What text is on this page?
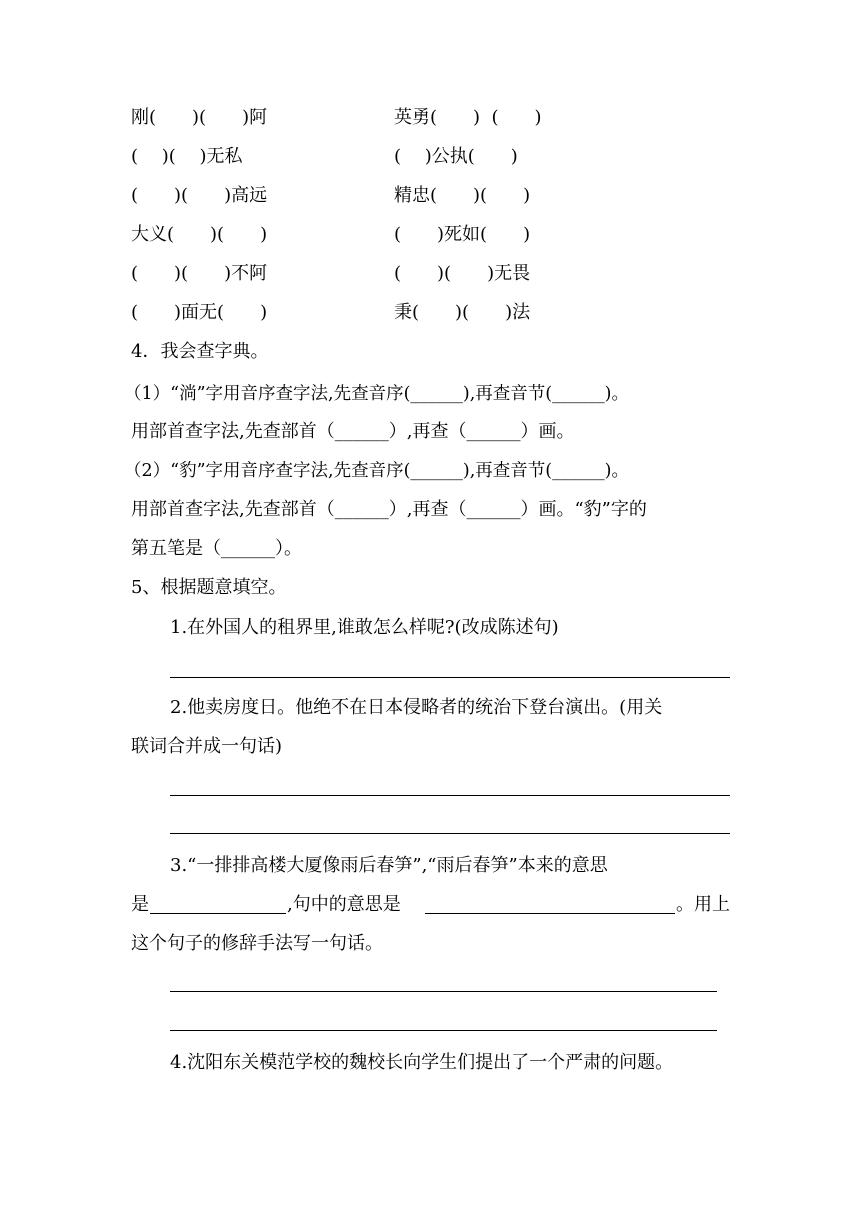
刚(　　)(　　)阿
(　 )(　 )无私
(　　)(　　)高远
大义(　　)(　　)
(　　)(　　)不阿
(　　)面无(　　)
英勇(　　)  (　　)
(　 )公执(　　)
精忠(　　)(　　)
(　　)死如(　　)
(　　)(　　)无畏
秉(　　)(　　)法
4．我会查字典。
（1）“淌”字用音序查字法,先查音序(______),再查音节(______)。
用部首查字法,先查部首（______）,再查（______）画。
（2）“豹”字用音序查字法,先查音序(______),再查音节(______)。
用部首查字法,先查部首（______）,再查（______）画。“豹”字的
第五笔是（______）。
5、根据题意填空。
1.在外国人的租界里,谁敢怎么样呢?(改成陈述句)
2.他卖房度日。他绝不在日本侵略者的统治下登台演出。(用关
联词合并成一句话)
3.“一排排高楼大厦像雨后春笋”,“雨后春笋”本来的意思
是	,句中的意思是	。用上
这个句子的修辞手法写一句话。
4.沈阳东关模范学校的魏校长向学生们提出了一个严肃的问题。
